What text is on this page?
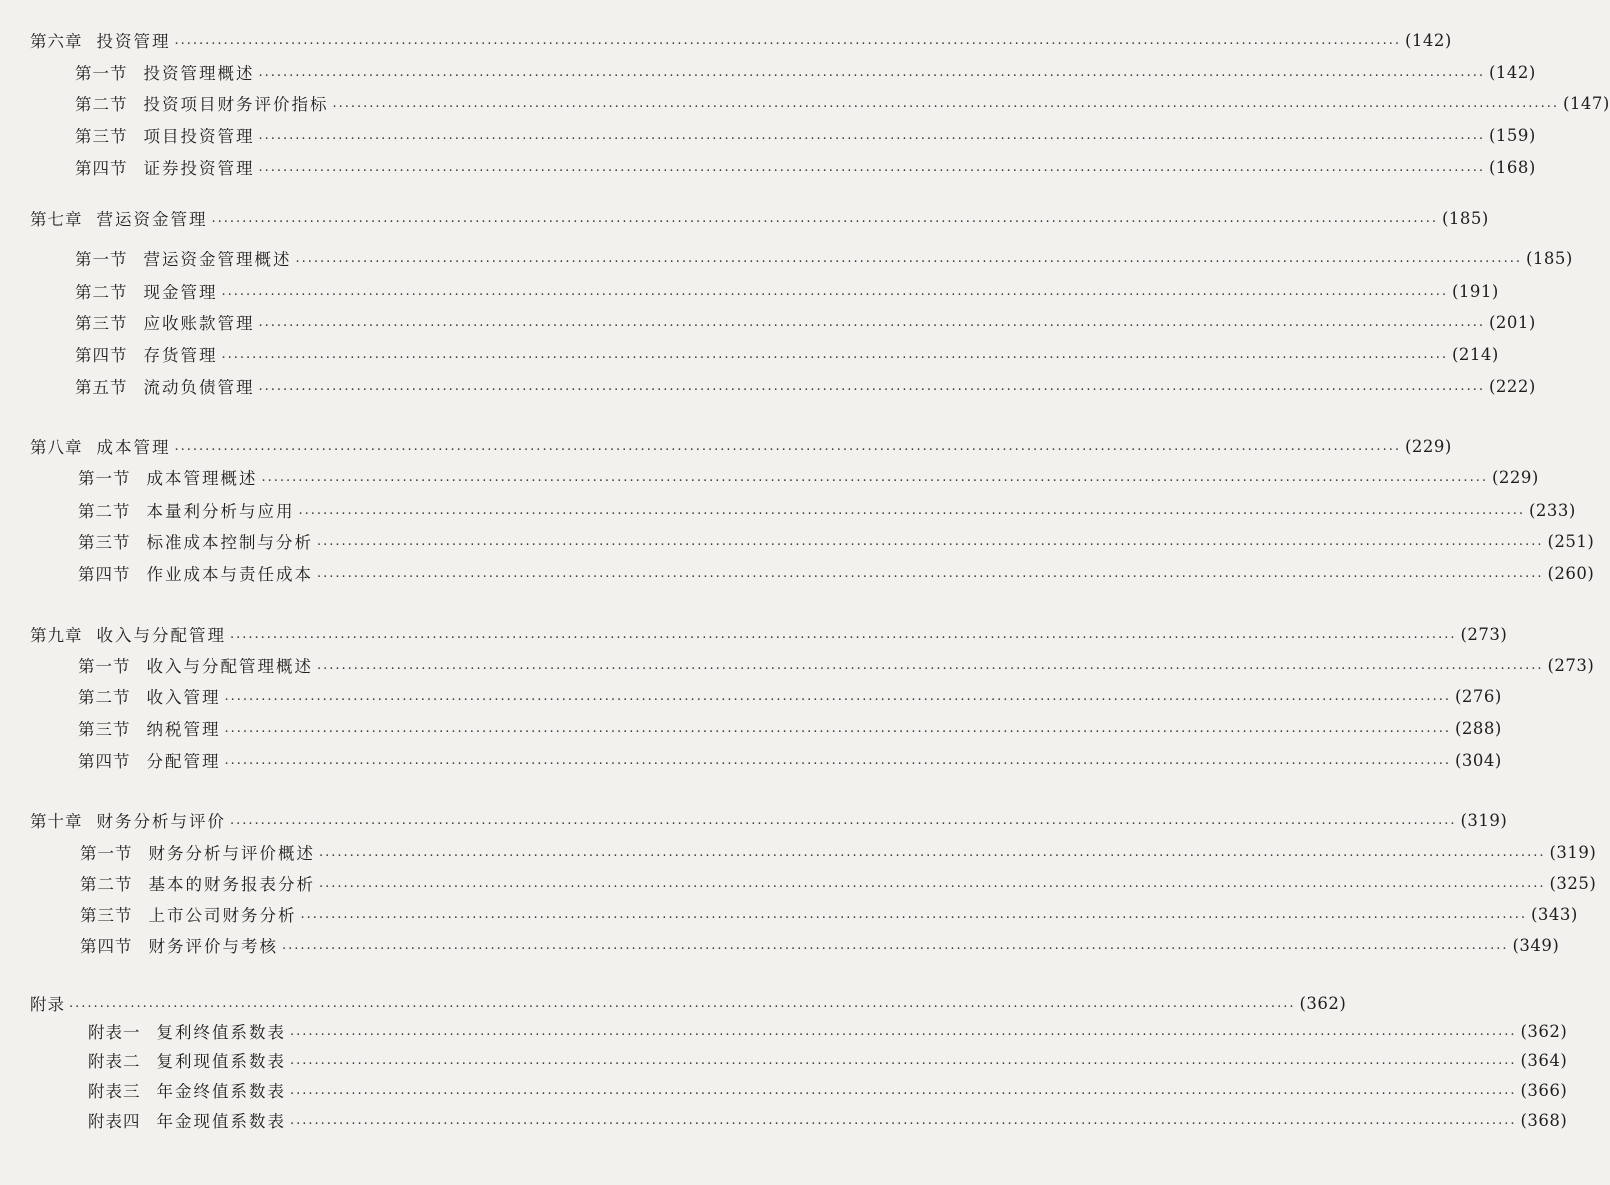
第六章 投资管理 ........................................................................................................................................................................................................ (142)
第一节 投资管理概述 ........................................................................................................................................................................................................ (142)
第二节 投资项目财务评价指标 ........................................................................................................................................................................................................ (147)
第三节 项目投资管理 ........................................................................................................................................................................................................ (159)
第四节 证券投资管理 ........................................................................................................................................................................................................ (168)
第七章 营运资金管理 ........................................................................................................................................................................................................ (185)
第一节 营运资金管理概述 ........................................................................................................................................................................................................ (185)
第二节 现金管理 ........................................................................................................................................................................................................ (191)
第三节 应收账款管理 ........................................................................................................................................................................................................ (201)
第四节 存货管理 ........................................................................................................................................................................................................ (214)
第五节 流动负债管理 ........................................................................................................................................................................................................ (222)
第八章 成本管理 ........................................................................................................................................................................................................ (229)
第一节 成本管理概述 ........................................................................................................................................................................................................ (229)
第二节 本量利分析与应用 ........................................................................................................................................................................................................ (233)
第三节 标准成本控制与分析 ........................................................................................................................................................................................................ (251)
第四节 作业成本与责任成本 ........................................................................................................................................................................................................ (260)
第九章 收入与分配管理 ........................................................................................................................................................................................................ (273)
第一节 收入与分配管理概述 ........................................................................................................................................................................................................ (273)
第二节 收入管理 ........................................................................................................................................................................................................ (276)
第三节 纳税管理 ........................................................................................................................................................................................................ (288)
第四节 分配管理 ........................................................................................................................................................................................................ (304)
第十章 财务分析与评价 ........................................................................................................................................................................................................ (319)
第一节 财务分析与评价概述 ........................................................................................................................................................................................................ (319)
第二节 基本的财务报表分析 ........................................................................................................................................................................................................ (325)
第三节 上市公司财务分析 ........................................................................................................................................................................................................ (343)
第四节 财务评价与考核 ........................................................................................................................................................................................................ (349)
附录 ........................................................................................................................................................................................................ (362)
附表一 复利终值系数表 ........................................................................................................................................................................................................ (362)
附表二 复利现值系数表 ........................................................................................................................................................................................................ (364)
附表三 年金终值系数表 ........................................................................................................................................................................................................ (366)
附表四 年金现值系数表 ........................................................................................................................................................................................................ (368)
